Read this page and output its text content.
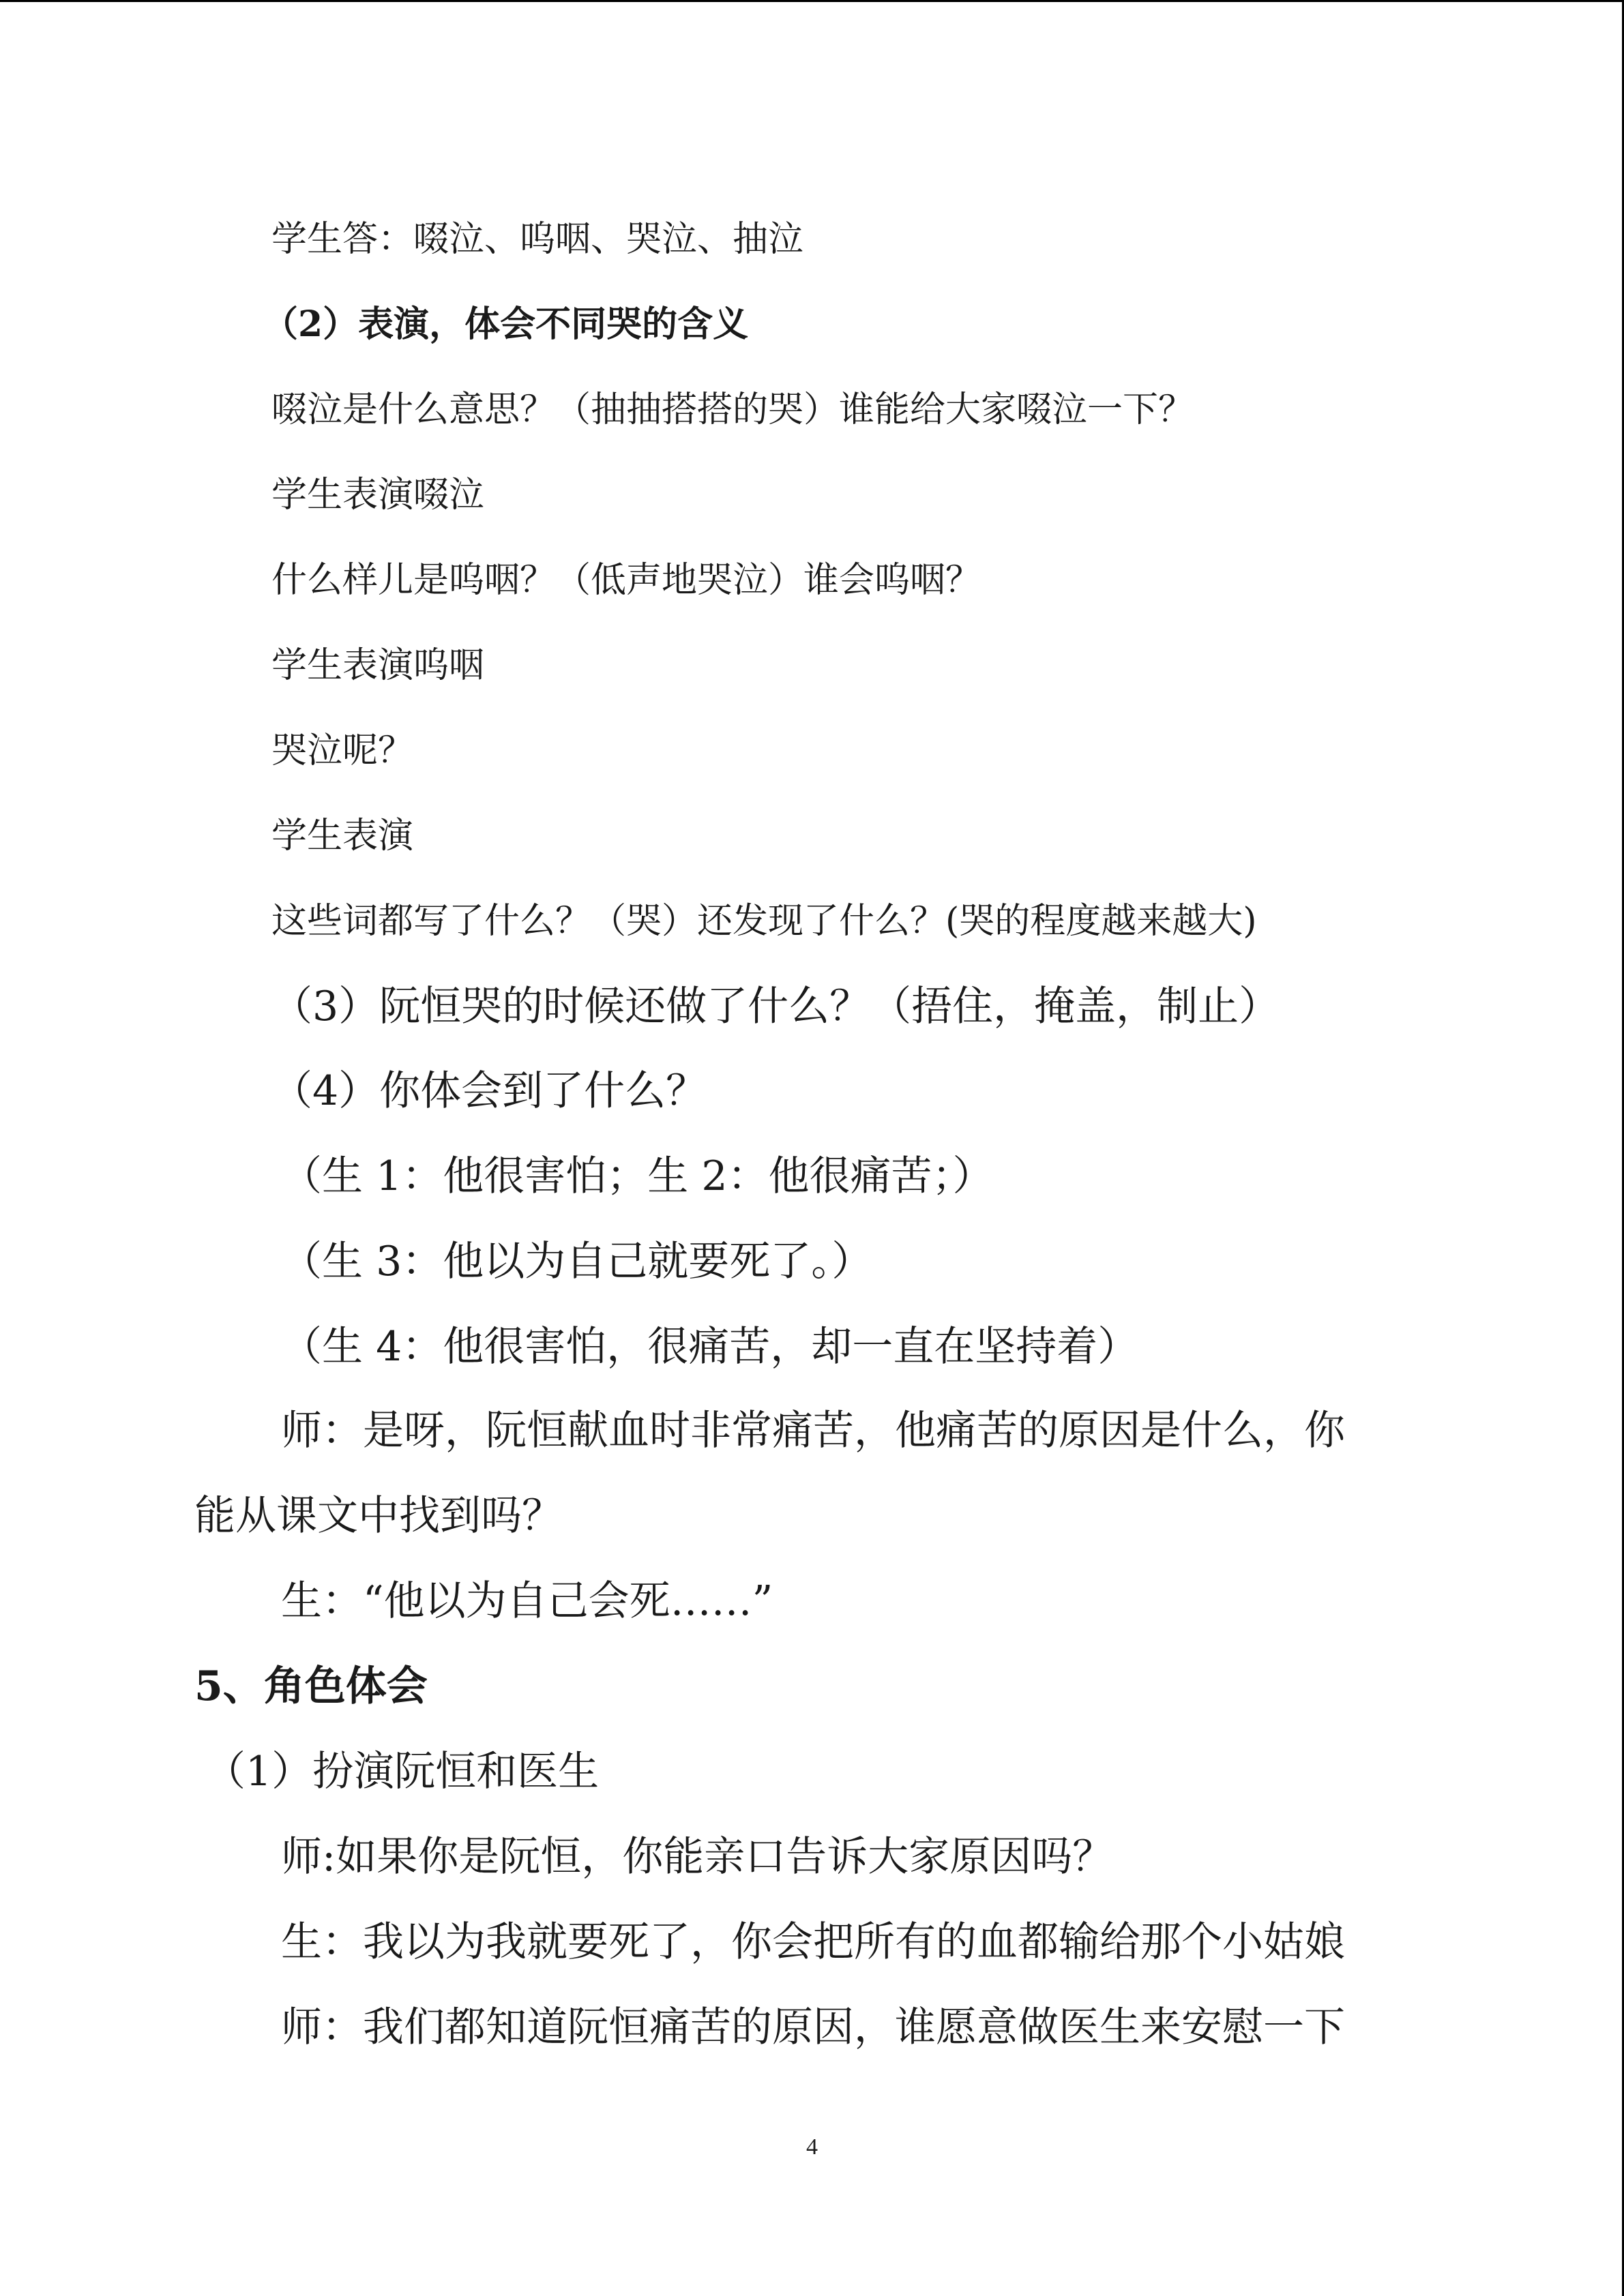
学生答：啜泣、呜咽、哭泣、抽泣
（2）表演，体会不同哭的含义
啜泣是什么意思？（抽抽搭搭的哭）谁能给大家啜泣一下？
学生表演啜泣
什么样儿是呜咽？（低声地哭泣）谁会呜咽？
学生表演呜咽
哭泣呢？
学生表演
这些词都写了什么？（哭）还发现了什么？(哭的程度越来越大)
（3）阮恒哭的时候还做了什么？（捂住，掩盖，制止）
（4）你体会到了什么？
（生 1：他很害怕；生 2：他很痛苦；）
（生 3：他以为自己就要死了。）
（生 4：他很害怕，很痛苦，却一直在坚持着）
师：是呀，阮恒献血时非常痛苦，他痛苦的原因是什么，你
能从课文中找到吗？
生：“他以为自己会死……”
5、角色体会
（1）扮演阮恒和医生
师:如果你是阮恒，你能亲口告诉大家原因吗？
生：我以为我就要死了，你会把所有的血都输给那个小姑娘
师：我们都知道阮恒痛苦的原因，谁愿意做医生来安慰一下
4
